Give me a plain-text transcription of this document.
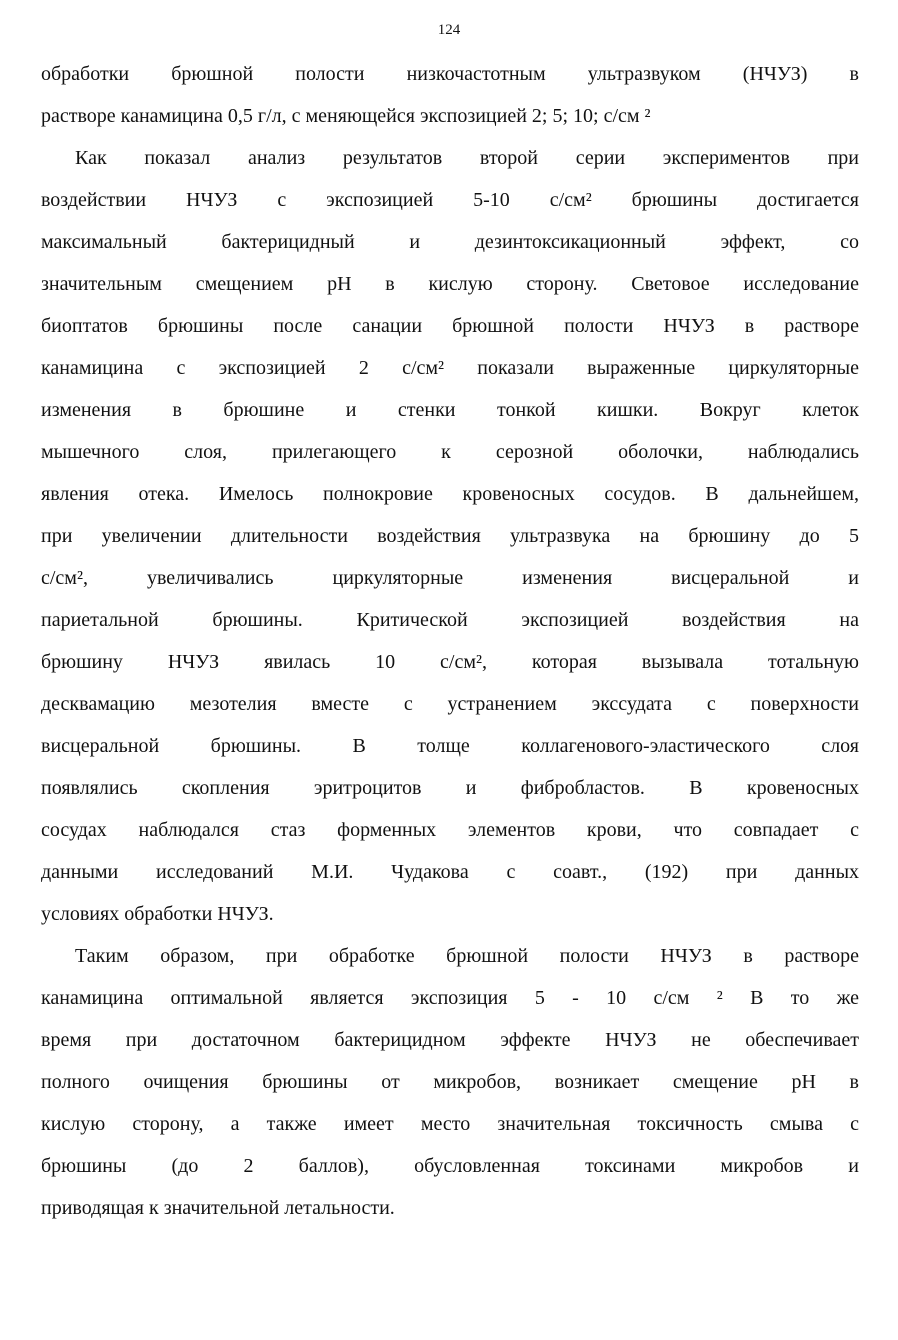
124
обработки брюшной полости низкочастотным ультразвуком (НЧУЗ) в
растворе канамицина 0,5 г/л, с меняющейся экспозицией 2; 5; 10; с/см ²
Как показал анализ результатов второй серии экспериментов при
воздействии НЧУЗ с экспозицией 5-10 с/см² брюшины достигается
максимальный бактерицидный и дезинтоксикационный эффект, со
значительным смещением pH в кислую сторону. Световое исследование
биоптатов брюшины после санации брюшной полости НЧУЗ в растворе
канамицина с экспозицией 2 с/см² показали выраженные циркуляторные
изменения в брюшине и стенки тонкой кишки. Вокруг клеток
мышечного слоя, прилегающего к серозной оболочки, наблюдались
явления отека. Имелось полнокровие кровеносных сосудов. В дальнейшем,
при увеличении длительности воздействия ультразвука на брюшину до 5
с/см², увеличивались циркуляторные изменения висцеральной и
париетальной брюшины. Критической экспозицией воздействия на
брюшину НЧУЗ явилась 10 с/см², которая вызывала тотальную
десквамацию мезотелия вместе с устранением экссудата с поверхности
висцеральной брюшины. В толще коллагенового-эластического слоя
появлялись скопления эритроцитов и фибробластов. В кровеносных
сосудах наблюдался стаз форменных элементов крови, что совпадает с
данными исследований М.И. Чудакова с соавт., (192) при данных
условиях обработки НЧУЗ.
Таким образом, при обработке брюшной полости НЧУЗ в растворе
канамицина оптимальной является экспозиция 5 - 10 с/см ² В то же
время при достаточном бактерицидном эффекте НЧУЗ не обеспечивает
полного очищения брюшины от микробов, возникает смещение pH в
кислую сторону, а также имеет место значительная токсичность смыва с
брюшины (до 2 баллов), обусловленная токсинами микробов и
приводящая к значительной летальности.
